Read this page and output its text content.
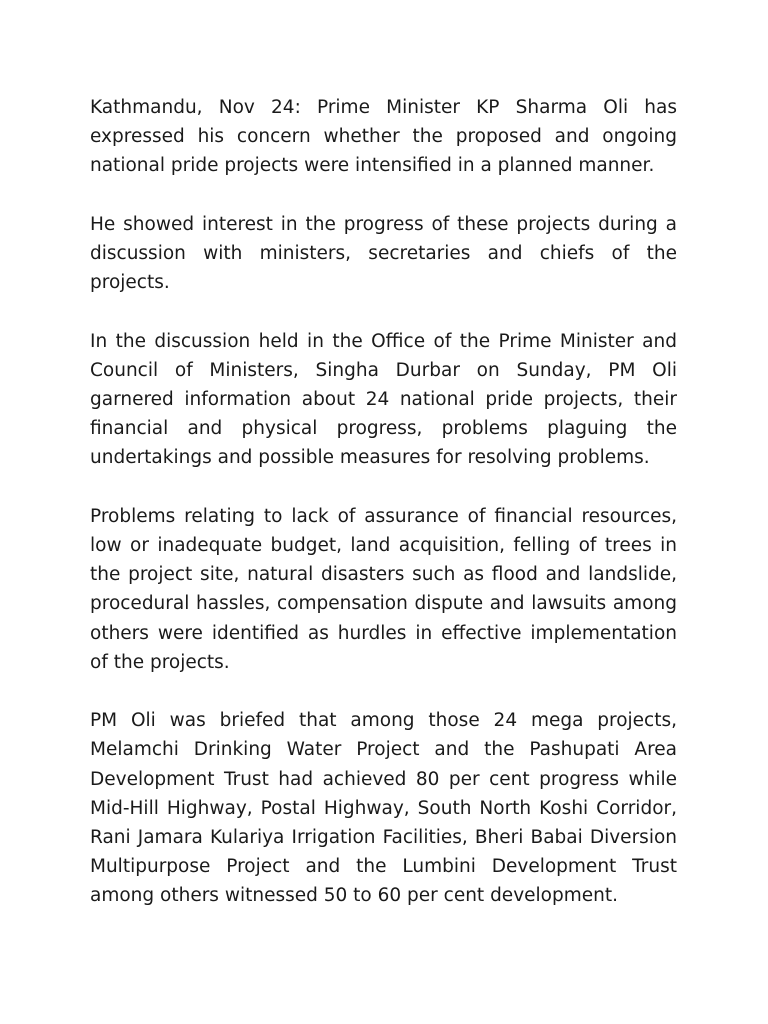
Kathmandu, Nov 24: Prime Minister KP Sharma Oli has expressed his concern whether the proposed and ongoing national pride projects were intensified in a planned manner.

He showed interest in the progress of these projects during a discussion with ministers, secretaries and chiefs of the projects.

In the discussion held in the Office of the Prime Minister and Council of Ministers, Singha Durbar on Sunday, PM Oli garnered information about 24 national pride projects, their financial and physical progress, problems plaguing the undertakings and possible measures for resolving problems.

Problems relating to lack of assurance of financial resources, low or inadequate budget, land acquisition, felling of trees in the project site, natural disasters such as flood and landslide, procedural hassles, compensation dispute and lawsuits among others were identified as hurdles in effective implementation of the projects.

PM Oli was briefed that among those 24 mega projects, Melamchi Drinking Water Project and the Pashupati Area Development Trust had achieved 80 per cent progress while Mid-Hill Highway, Postal Highway, South North Koshi Corridor, Rani Jamara Kulariya Irrigation Facilities, Bheri Babai Diversion Multipurpose Project and the Lumbini Development Trust among others witnessed 50 to 60 per cent development.
